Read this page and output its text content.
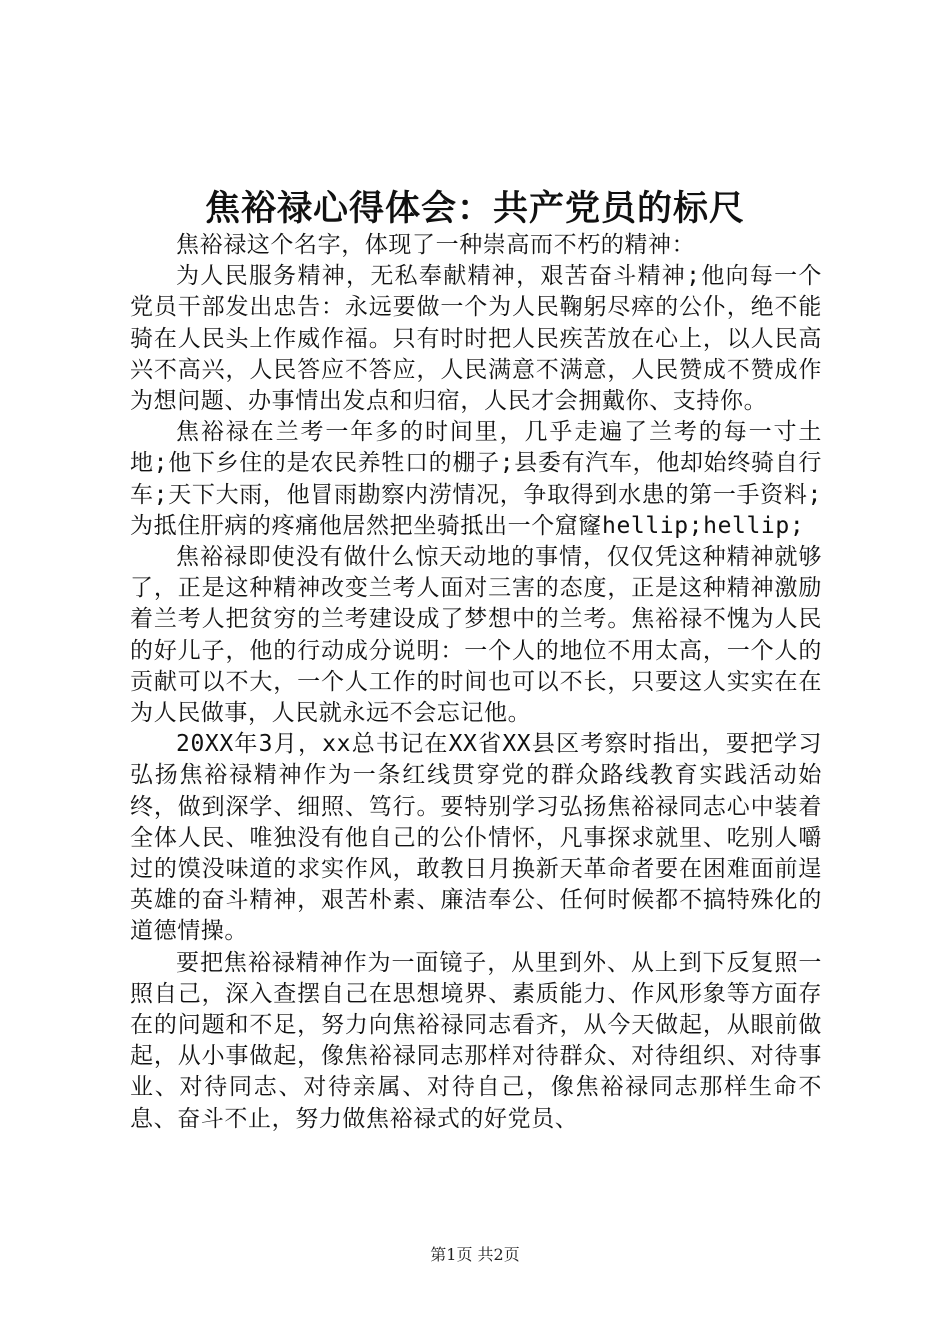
焦裕禄心得体会：共产党员的标尺

焦裕禄这个名字，体现了一种崇高而不朽的精神：

为人民服务精神，无私奉献精神，艰苦奋斗精神;他向每一个党员干部发出忠告：永远要做一个为人民鞠躬尽瘁的公仆，绝不能骑在人民头上作威作福。只有时时把人民疾苦放在心上，以人民高兴不高兴，人民答应不答应，人民满意不满意，人民赞成不赞成作为想问题、办事情出发点和归宿，人民才会拥戴你、支持你。

焦裕禄在兰考一年多的时间里，几乎走遍了兰考的每一寸土地;他下乡住的是农民养牲口的棚子;县委有汽车，他却始终骑自行车;天下大雨，他冒雨勘察内涝情况，争取得到水患的第一手资料;为抵住肝病的疼痛他居然把坐骑抵出一个窟窿hellip;hellip;

焦裕禄即使没有做什么惊天动地的事情，仅仅凭这种精神就够了，正是这种精神改变兰考人面对三害的态度，正是这种精神激励着兰考人把贫穷的兰考建设成了梦想中的兰考。焦裕禄不愧为人民的好儿子，他的行动成分说明：一个人的地位不用太高，一个人的贡献可以不大，一个人工作的时间也可以不长，只要这人实实在在为人民做事，人民就永远不会忘记他。

20XX年3月，xx总书记在XX省XX县区考察时指出，要把学习弘扬焦裕禄精神作为一条红线贯穿党的群众路线教育实践活动始终，做到深学、细照、笃行。要特别学习弘扬焦裕禄同志心中装着全体人民、唯独没有他自己的公仆情怀，凡事探求就里、吃别人嚼过的馍没味道的求实作风，敢教日月换新天革命者要在困难面前逞英雄的奋斗精神，艰苦朴素、廉洁奉公、任何时候都不搞特殊化的道德情操。

要把焦裕禄精神作为一面镜子，从里到外、从上到下反复照一照自己，深入查摆自己在思想境界、素质能力、作风形象等方面存在的问题和不足，努力向焦裕禄同志看齐，从今天做起，从眼前做起，从小事做起，像焦裕禄同志那样对待群众、对待组织、对待事业、对待同志、对待亲属、对待自己，像焦裕禄同志那样生命不息、奋斗不止，努力做焦裕禄式的好党员、

第1页 共2页
